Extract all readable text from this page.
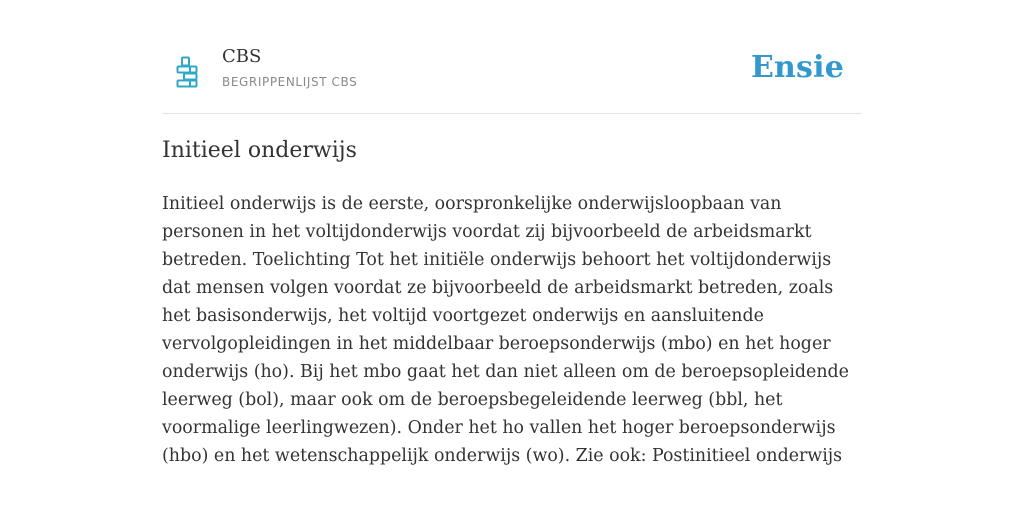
CBS
BEGRIPPENLIJST CBS	Ensie
Initieel onderwijs

Initieel onderwijs is de eerste, oorspronkelijke onderwijsloopbaan van personen in het voltijdonderwijs voordat zij bijvoorbeeld de arbeidsmarkt betreden. Toelichting Tot het initiële onderwijs behoort het voltijdonderwijs dat mensen volgen voordat ze bijvoorbeeld de arbeidsmarkt betreden, zoals het basisonderwijs, het voltijd voortgezet onderwijs en aansluitende vervolgopleidingen in het middelbaar beroepsonderwijs (mbo) en het hoger onderwijs (ho). Bij het mbo gaat het dan niet alleen om de beroepsopleidende leerweg (bol), maar ook om de beroepsbegeleidende leerweg (bbl, het voormalige leerlingwezen). Onder het ho vallen het hoger beroepsonderwijs (hbo) en het wetenschappelijk onderwijs (wo). Zie ook: Postinitieel onderwijs
